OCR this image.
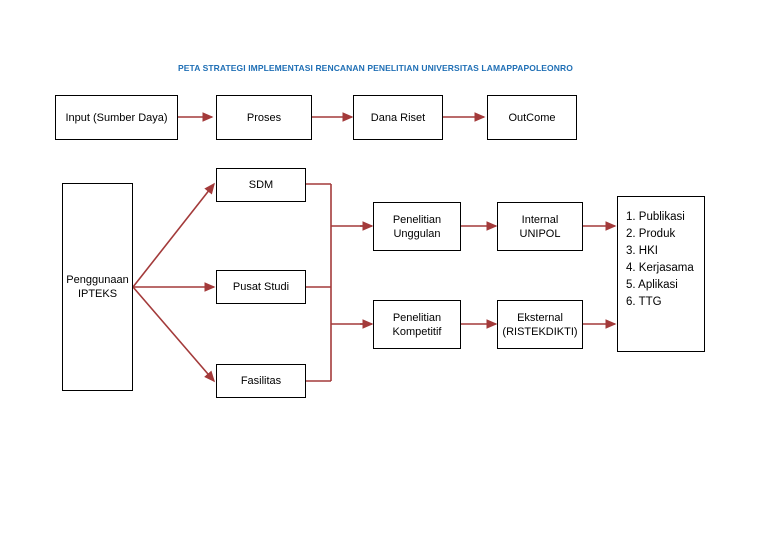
PETA STRATEGI IMPLEMENTASI RENCANAN PENELITIAN UNIVERSITAS LAMAPPAPOLEONRO
Input (Sumber Daya)	Proses	Dana Riset	OutCome
Penggunaan
IPTEKS
SDM
Pusat Studi
Fasilitas
Penelitian
Unggulan
Penelitian
Kompetitif
Internal
UNIPOL
Eksternal
(RISTEKDIKTI)
1. Publikasi
2. Produk
3. HKI
4. Kerjasama
5. Aplikasi
6. TTG
